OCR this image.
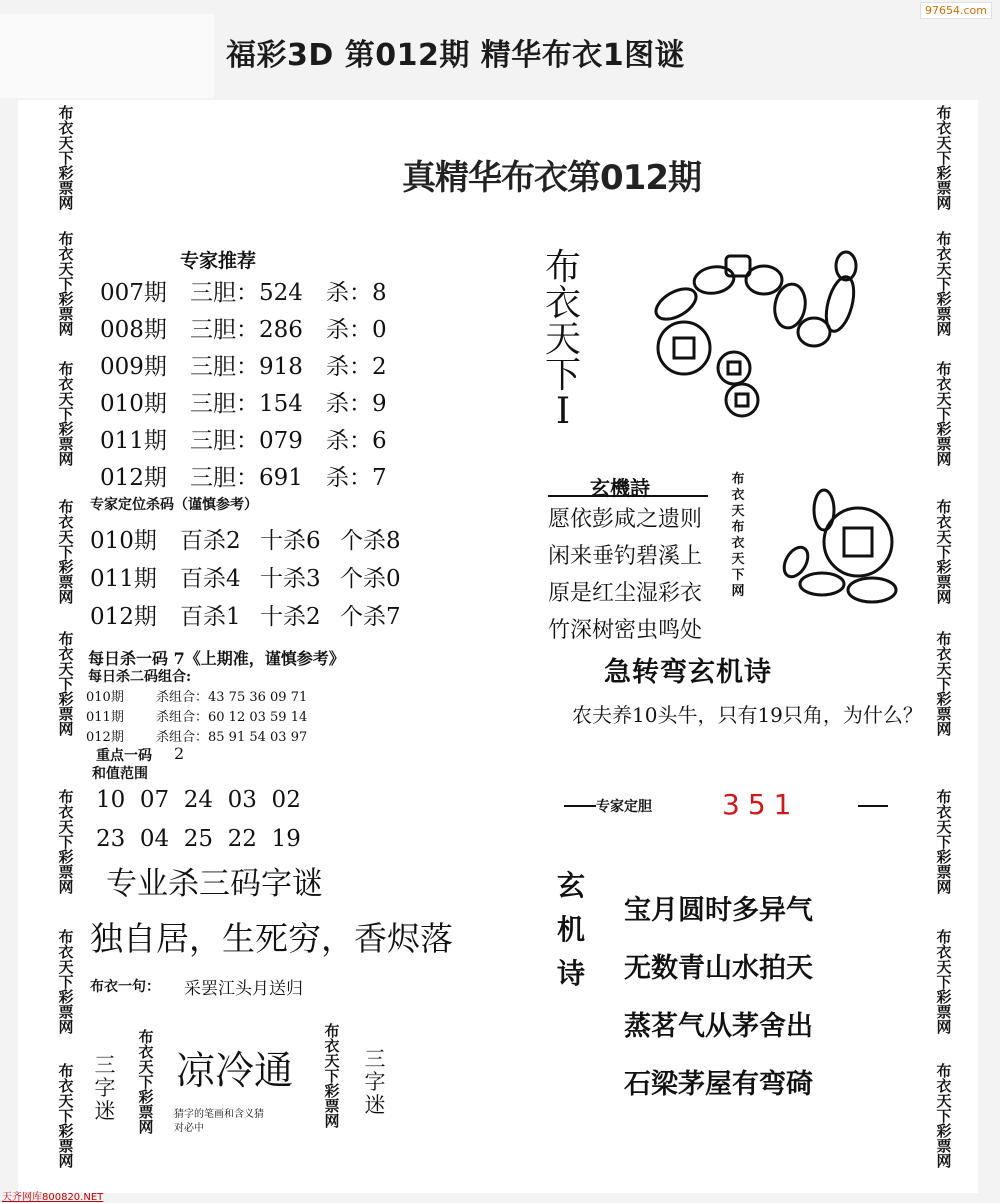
福彩3D 第012期 精华布衣1图谜
97654.com
真精华布衣第012期
专家推荐
专家定位杀码（谨慎参考）
每日杀一码 7《上期准，谨慎参考》
每日杀二码组合:
重点一码 2
和值范围
10  07  24  03  02
23  04  25  22  19
专业杀三码字谜
独自居，生死穷，香烬落
布衣一句： 采罢江头月送归
三
字
迷
凉冷通
猜字的笔画和含义猜
对必中
三
字
迷
布
衣
天
下
彩
票
网
布
衣
天
下
彩
票
网
布
衣
天
下
I
玄機詩	布
衣
天
布
衣
天
下
网
急转弯玄机诗
农夫养10头牛，只有19只角，为什么？
专家定胆	351
玄
机
诗
天齐网库800820.NET
布
衣
天
下
彩
票
网
布
衣
天
下
彩
票
网
布
衣
天
下
彩
票
网
布
衣
天
下
彩
票
网
布
衣
天
下
彩
票
网
布
衣
天
下
彩
票
网
布
衣
天
下
彩
票
网
布
衣
天
下
彩
票
网
布
衣
天
下
彩
票
网
布
衣
天
下
彩
票
网
布
衣
天
下
彩
票
网
布
衣
天
下
彩
票
网
布
衣
天
下
彩
票
网
布
衣
天
下
彩
票
网
布
衣
天
下
彩
票
网
布
衣
天
下
彩
票
网
007期 三胆：524 杀：8
008期 三胆：286 杀：0
009期 三胆：918 杀：2
010期 三胆：154 杀：9
011期 三胆：079 杀：6
012期 三胆：691 杀：7
010期 百杀2 十杀6 个杀8
011期 百杀4 十杀3 个杀0
012期 百杀1 十杀2 个杀7
010期 杀组合：43 75 36 09 71
011期 杀组合：60 12 03 59 14
012期 杀组合：85 91 54 03 97
愿依彭咸之遗则
闲来垂钓碧溪上
原是红尘湿彩衣
竹深树密虫鸣处
宝月圆时多异气
无数青山水拍天
蒸茗气从茅舍出
石梁茅屋有弯碕
